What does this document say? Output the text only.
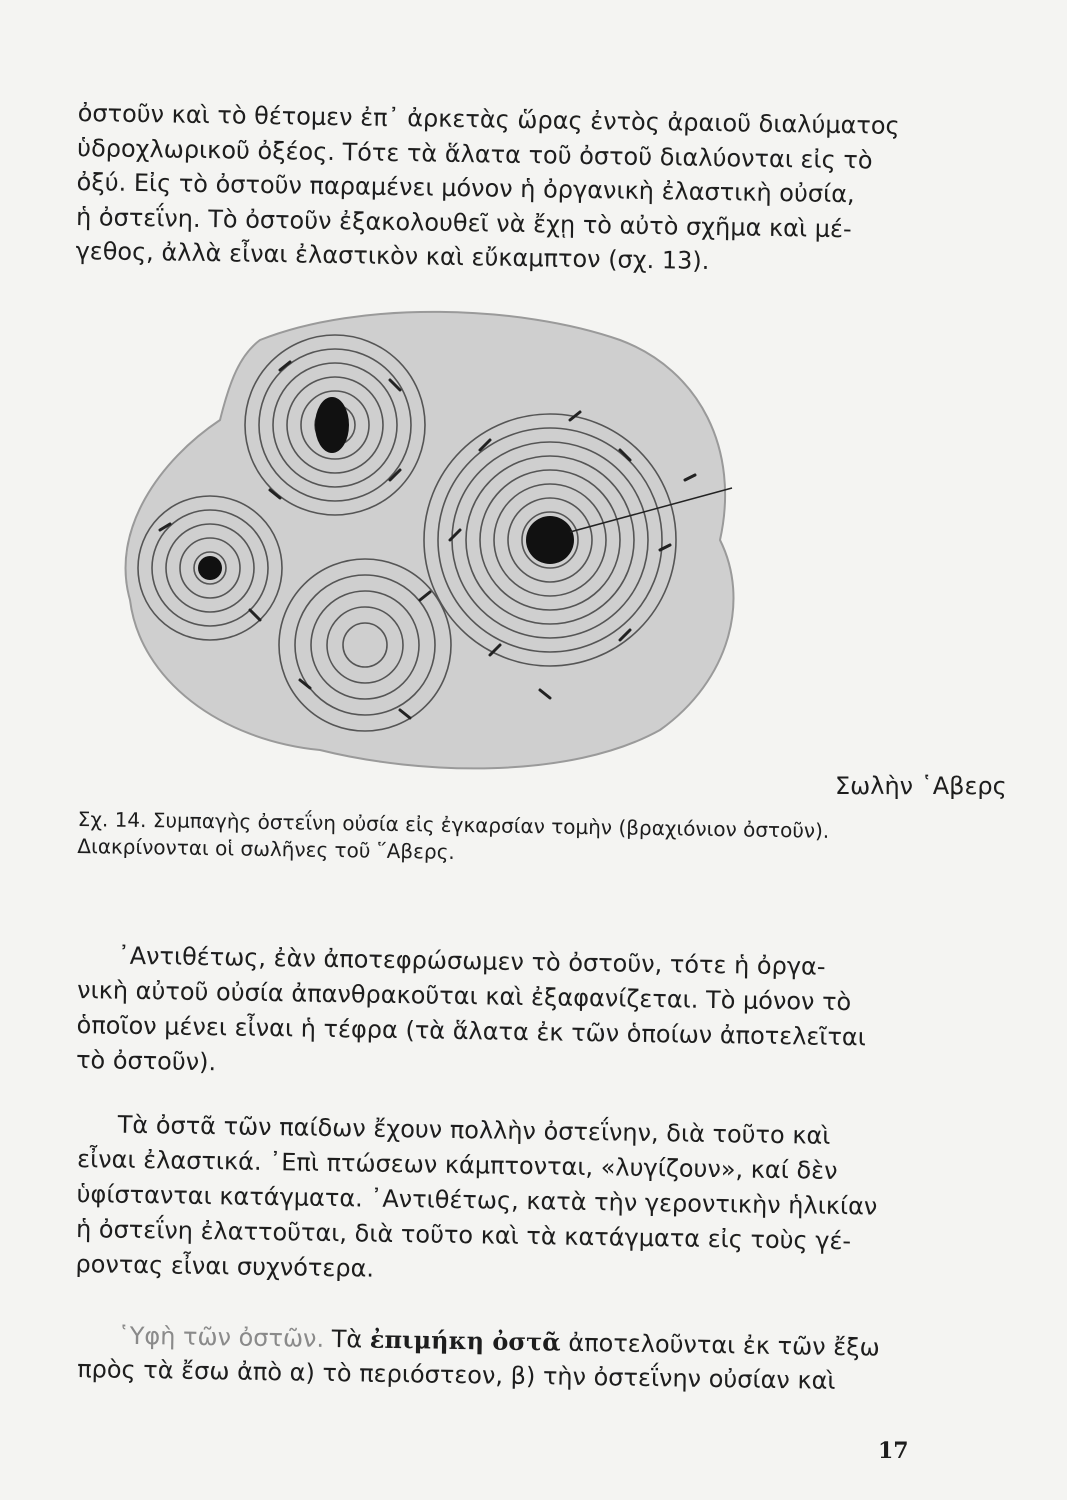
ὀστοῦν καὶ τὸ θέτομεν ἐπ᾽ ἀρκετὰς ὥρας ἐντὸς ἀραιοῦ διαλύματος
ὑδροχλωρικοῦ ὀξέος. Τότε τὰ ἅλατα τοῦ ὀστοῦ διαλύονται εἰς τὸ
ὀξύ. Εἰς τὸ ὀστοῦν παραμένει μόνον ἡ ὀργανικὴ ἐλαστικὴ οὐσία,
ἡ ὀστεΐνη. Τὸ ὀστοῦν ἐξακολουθεῖ νὰ ἔχῃ τὸ αὐτὸ σχῆμα καὶ μέ-
γεθος, ἀλλὰ εἶναι ἐλαστικὸν καὶ εὔκαμπτον (σχ. 13).

Σωλὴν ῾Αβερς
Σχ. 14. Συμπαγὴς ὀστεΐνη οὐσία εἰς ἐγκαρσίαν τομὴν (βραχιόνιον ὀστοῦν).
Διακρίνονται οἱ σωλῆνες τοῦ ῞Αβερς.

᾽Αντιθέτως, ἐὰν ἀποτεφρώσωμεν τὸ ὀστοῦν, τότε ἡ ὀργα-
νικὴ αὐτοῦ οὐσία ἀπανθρακοῦται καὶ ἐξαφανίζεται. Τὸ μόνον τὸ
ὁποῖον μένει εἶναι ἡ τέφρα (τὰ ἅλατα ἐκ τῶν ὁποίων ἀποτελεῖται
τὸ ὀστοῦν).

Τὰ ὀστᾶ τῶν παίδων ἔχουν πολλὴν ὀστεΐνην, διὰ τοῦτο καὶ
εἶναι ἐλαστικά. ᾽Επὶ πτώσεων κάμπτονται, «λυγίζουν», καί δὲν
ὑφίστανται κατάγματα. ᾽Αντιθέτως, κατὰ τὴν γεροντικὴν ἡλικίαν
ἡ ὀστεΐνη ἐλαττοῦται, διὰ τοῦτο καὶ τὰ κατάγματα εἰς τοὺς γέ-
ροντας εἶναι συχνότερα.

῾Υφὴ τῶν ὀστῶν. Τὰ ἐπιμήκη ὀστᾶ ἀποτελοῦνται ἐκ τῶν ἔξω
πρὸς τὰ ἔσω ἀπὸ α) τὸ περιόστεον, β) τὴν ὀστεΐνην οὐσίαν καὶ

17
